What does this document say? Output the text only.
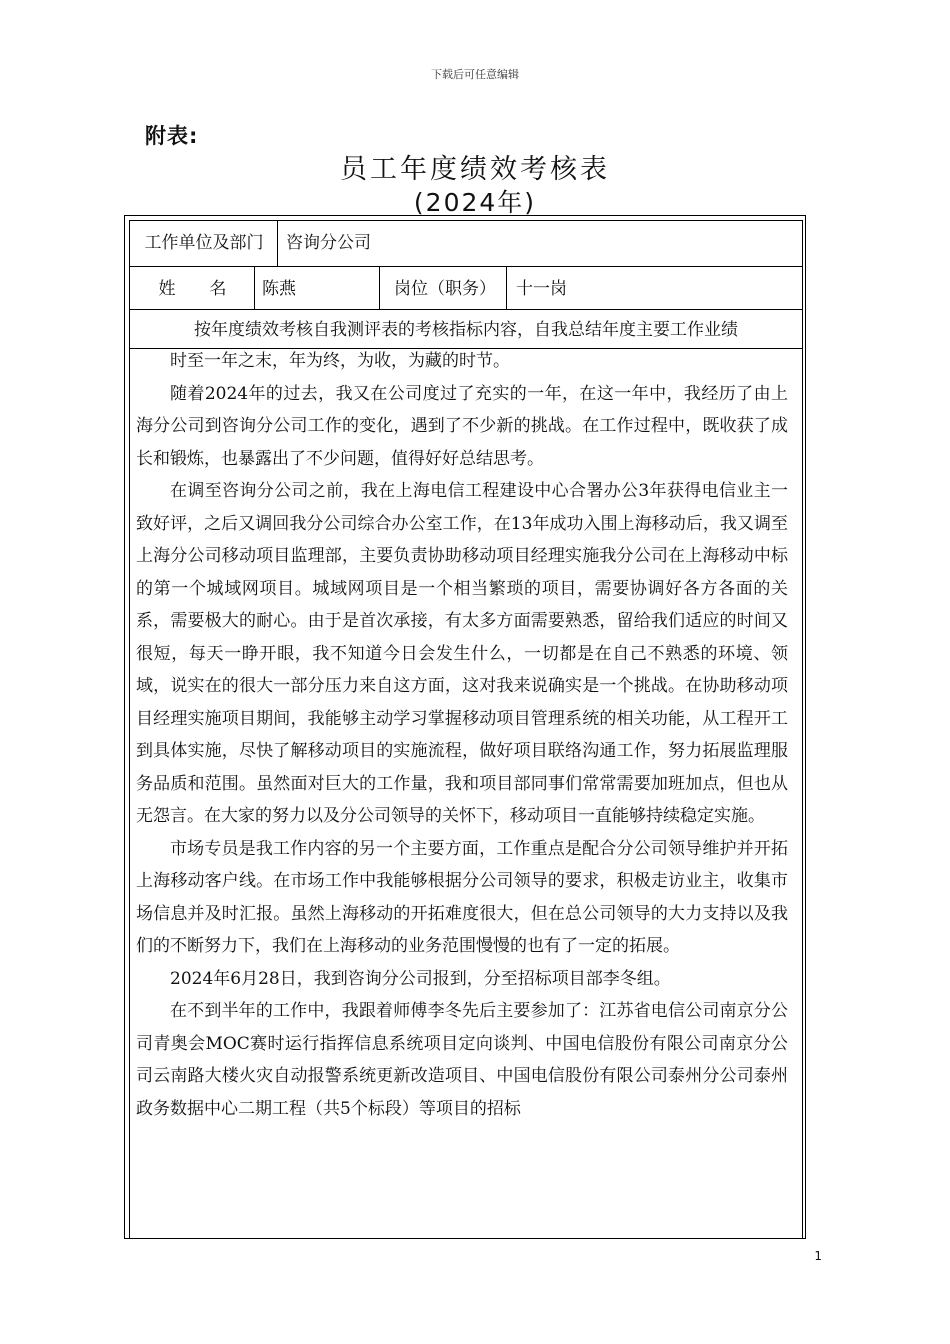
下载后可任意编辑
附表:
员工年度绩效考核表
(2024年)
工作单位及部门	咨询分公司
姓　　名	陈燕	岗位（职务） 十一岗
按年度绩效考核自我测评表的考核指标内容，自我总结年度主要工作业绩

时至一年之末，年为终，为收，为藏的时节。

随着2024年的过去，我又在公司度过了充实的一年，在这一年中，我经历了由上海分公司到咨询分公司工作的变化，遇到了不少新的挑战。在工作过程中，既收获了成长和锻炼，也暴露出了不少问题，值得好好总结思考。

在调至咨询分公司之前，我在上海电信工程建设中心合署办公3年获得电信业主一致好评，之后又调回我分公司综合办公室工作，在13年成功入围上海移动后，我又调至上海分公司移动项目监理部，主要负责协助移动项目经理实施我分公司在上海移动中标的第一个城域网项目。城域网项目是一个相当繁琐的项目，需要协调好各方各面的关系，需要极大的耐心。由于是首次承接，有太多方面需要熟悉，留给我们适应的时间又很短，每天一睁开眼，我不知道今日会发生什么，一切都是在自己不熟悉的环境、领域，说实在的很大一部分压力来自这方面，这对我来说确实是一个挑战。在协助移动项目经理实施项目期间，我能够主动学习掌握移动项目管理系统的相关功能，从工程开工到具体实施，尽快了解移动项目的实施流程，做好项目联络沟通工作，努力拓展监理服务品质和范围。虽然面对巨大的工作量，我和项目部同事们常常需要加班加点，但也从无怨言。在大家的努力以及分公司领导的关怀下，移动项目一直能够持续稳定实施。

市场专员是我工作内容的另一个主要方面，工作重点是配合分公司领导维护并开拓上海移动客户线。在市场工作中我能够根据分公司领导的要求，积极走访业主，收集市场信息并及时汇报。虽然上海移动的开拓难度很大，但在总公司领导的大力支持以及我们的不断努力下，我们在上海移动的业务范围慢慢的也有了一定的拓展。

2024年6月28日，我到咨询分公司报到，分至招标项目部李冬组。

在不到半年的工作中，我跟着师傅李冬先后主要参加了：江苏省电信公司南京分公司青奥会MOC赛时运行指挥信息系统项目定向谈判、中国电信股份有限公司南京分公司云南路大楼火灾自动报警系统更新改造项目、中国电信股份有限公司泰州分公司泰州政务数据中心二期工程（共5个标段）等项目的招标

1
